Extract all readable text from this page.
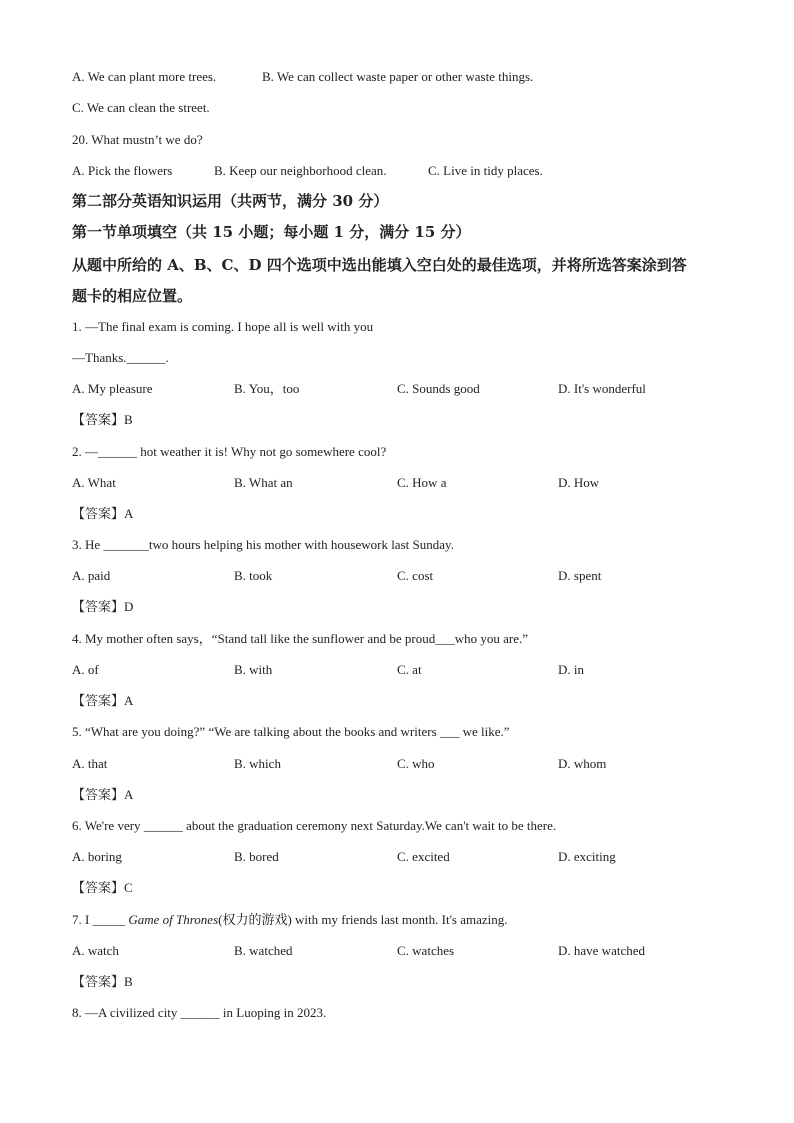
A. We can plant more trees.	B. We can collect waste paper or other waste things.
C. We can clean the street.
20. What mustn’t we do?
A. Pick the flowers	B. Keep our neighborhood clean.	C. Live in tidy places.
第二部分英语知识运用（共两节，满分 30 分）
第一节单项填空（共 15 小题；每小题 1 分，满分 15 分）
从题中所给的 A、B、C、D 四个选项中选出能填入空白处的最佳选项，并将所选答案涂到答
题卡的相应位置。
1. —The final exam is coming. I hope all is well with you
—Thanks.______.
A. My pleasure	B. You，too	C. Sounds good	D. It's wonderful
【答案】B
2. —______ hot weather it is! Why not go somewhere cool?
A. What	B. What an	C. How a	D. How
【答案】A
3. He _______two hours helping his mother with housework last Sunday.
A. paid	B. took	C. cost	D. spent
【答案】D
4. My mother often says，“Stand tall like the sunflower and be proud___who you are.”
A. of	B. with	C. at	D. in
【答案】A
5. “What are you doing?” “We are talking about the books and writers ___ we like.”
A. that	B. which	C. who	D. whom
【答案】A
6. We're very ______ about the graduation ceremony next Saturday.We can't wait to be there.
A. boring	B. bored	C. excited	D. exciting
【答案】C
7. I _____ Game of Thrones(权力的游戏) with my friends last month. It's amazing.
A. watch	B. watched	C. watches	D. have watched
【答案】B
8. —A civilized city ______ in Luoping in 2023.
